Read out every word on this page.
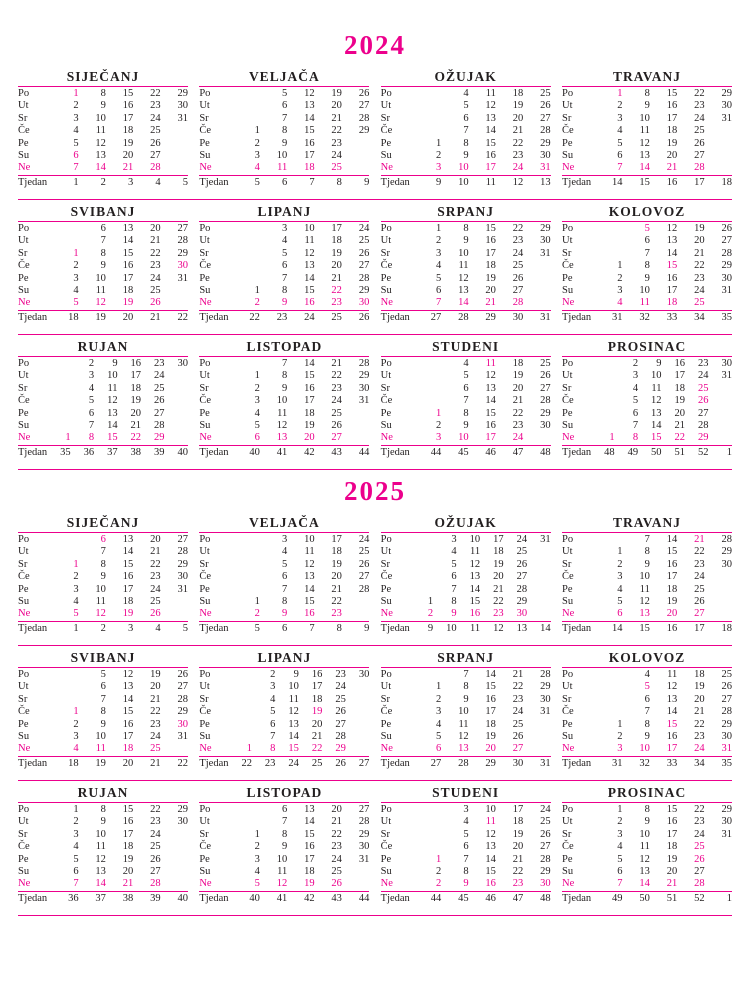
2024
SIJEČANJ
Po	1	8	15	22	29
Ut	2	9	16	23	30
Sr	3	10	17	24	31
Če	4	11	18	25	
Pe	5	12	19	26	
Su	6	13	20	27	
Ne	7	14	21	28	
Tjedan	1	2	3	4	5
VELJAČA
Po		5	12	19	26
Ut		6	13	20	27
Sr		7	14	21	28
Če	1	8	15	22	29
Pe	2	9	16	23	
Su	3	10	17	24	
Ne	4	11	18	25	
Tjedan	5	6	7	8	9
OŽUJAK
Po		4	11	18	25
Ut		5	12	19	26
Sr		6	13	20	27
Če		7	14	21	28
Pe	1	8	15	22	29
Su	2	9	16	23	30
Ne	3	10	17	24	31
Tjedan	9	10	11	12	13
TRAVANJ
Po	1	8	15	22	29
Ut	2	9	16	23	30
Sr	3	10	17	24	31
Če	4	11	18	25	
Pe	5	12	19	26	
Su	6	13	20	27	
Ne	7	14	21	28	
Tjedan	14	15	16	17	18
SVIBANJ
Po		6	13	20	27
Ut		7	14	21	28
Sr	1	8	15	22	29
Če	2	9	16	23	30
Pe	3	10	17	24	31
Su	4	11	18	25	
Ne	5	12	19	26	
Tjedan	18	19	20	21	22
LIPANJ
Po		3	10	17	24
Ut		4	11	18	25
Sr		5	12	19	26
Če		6	13	20	27
Pe		7	14	21	28
Su	1	8	15	22	29
Ne	2	9	16	23	30
Tjedan	22	23	24	25	26
SRPANJ
Po	1	8	15	22	29
Ut	2	9	16	23	30
Sr	3	10	17	24	31
Če	4	11	18	25	
Pe	5	12	19	26	
Su	6	13	20	27	
Ne	7	14	21	28	
Tjedan	27	28	29	30	31
KOLOVOZ
Po		5	12	19	26
Ut		6	13	20	27
Sr		7	14	21	28
Če	1	8	15	22	29
Pe	2	9	16	23	30
Su	3	10	17	24	31
Ne	4	11	18	25	
Tjedan	31	32	33	34	35
RUJAN
Po		2	9	16	23	30
Ut		3	10	17	24	
Sr		4	11	18	25	
Če		5	12	19	26	
Pe		6	13	20	27	
Su		7	14	21	28	
Ne	1	8	15	22	29	
Tjedan	35	36	37	38	39	40
LISTOPAD
Po		7	14	21	28
Ut	1	8	15	22	29
Sr	2	9	16	23	30
Če	3	10	17	24	31
Pe	4	11	18	25	
Su	5	12	19	26	
Ne	6	13	20	27	
Tjedan	40	41	42	43	44
STUDENI
Po		4	11	18	25
Ut		5	12	19	26
Sr		6	13	20	27
Če		7	14	21	28
Pe	1	8	15	22	29
Su	2	9	16	23	30
Ne	3	10	17	24	
Tjedan	44	45	46	47	48
PROSINAC
Po		2	9	16	23	30
Ut		3	10	17	24	31
Sr		4	11	18	25	
Če		5	12	19	26	
Pe		6	13	20	27	
Su		7	14	21	28	
Ne	1	8	15	22	29	
Tjedan	48	49	50	51	52	1
2025
SIJEČANJ
Po		6	13	20	27
Ut		7	14	21	28
Sr	1	8	15	22	29
Če	2	9	16	23	30
Pe	3	10	17	24	31
Su	4	11	18	25	
Ne	5	12	19	26	
Tjedan	1	2	3	4	5
VELJAČA
Po		3	10	17	24
Ut		4	11	18	25
Sr		5	12	19	26
Če		6	13	20	27
Pe		7	14	21	28
Su	1	8	15	22	
Ne	2	9	16	23	
Tjedan	5	6	7	8	9
OŽUJAK
Po		3	10	17	24	31
Ut		4	11	18	25	
Sr		5	12	19	26	
Če		6	13	20	27	
Pe		7	14	21	28	
Su	1	8	15	22	29	
Ne	2	9	16	23	30	
Tjedan	9	10	11	12	13	14
TRAVANJ
Po		7	14	21	28
Ut	1	8	15	22	29
Sr	2	9	16	23	30
Če	3	10	17	24	
Pe	4	11	18	25	
Su	5	12	19	26	
Ne	6	13	20	27	
Tjedan	14	15	16	17	18
SVIBANJ
Po		5	12	19	26
Ut		6	13	20	27
Sr		7	14	21	28
Če	1	8	15	22	29
Pe	2	9	16	23	30
Su	3	10	17	24	31
Ne	4	11	18	25	
Tjedan	18	19	20	21	22
LIPANJ
Po		2	9	16	23	30
Ut		3	10	17	24	
Sr		4	11	18	25	
Če		5	12	19	26	
Pe		6	13	20	27	
Su		7	14	21	28	
Ne	1	8	15	22	29	
Tjedan	22	23	24	25	26	27
SRPANJ
Po		7	14	21	28
Ut	1	8	15	22	29
Sr	2	9	16	23	30
Če	3	10	17	24	31
Pe	4	11	18	25	
Su	5	12	19	26	
Ne	6	13	20	27	
Tjedan	27	28	29	30	31
KOLOVOZ
Po		4	11	18	25
Ut		5	12	19	26
Sr		6	13	20	27
Če		7	14	21	28
Pe	1	8	15	22	29
Su	2	9	16	23	30
Ne	3	10	17	24	31
Tjedan	31	32	33	34	35
RUJAN
Po	1	8	15	22	29
Ut	2	9	16	23	30
Sr	3	10	17	24	
Če	4	11	18	25	
Pe	5	12	19	26	
Su	6	13	20	27	
Ne	7	14	21	28	
Tjedan	36	37	38	39	40
LISTOPAD
Po		6	13	20	27
Ut		7	14	21	28
Sr	1	8	15	22	29
Če	2	9	16	23	30
Pe	3	10	17	24	31
Su	4	11	18	25	
Ne	5	12	19	26	
Tjedan	40	41	42	43	44
STUDENI
Po		3	10	17	24
Ut		4	11	18	25
Sr		5	12	19	26
Če		6	13	20	27
Pe	1	7	14	21	28
Su	2	8	15	22	29
Ne	2	9	16	23	30
Tjedan	44	45	46	47	48
PROSINAC
Po	1	8	15	22	29
Ut	2	9	16	23	30
Sr	3	10	17	24	31
Če	4	11	18	25	
Pe	5	12	19	26	
Su	6	13	20	27	
Ne	7	14	21	28	
Tjedan	49	50	51	52	1
